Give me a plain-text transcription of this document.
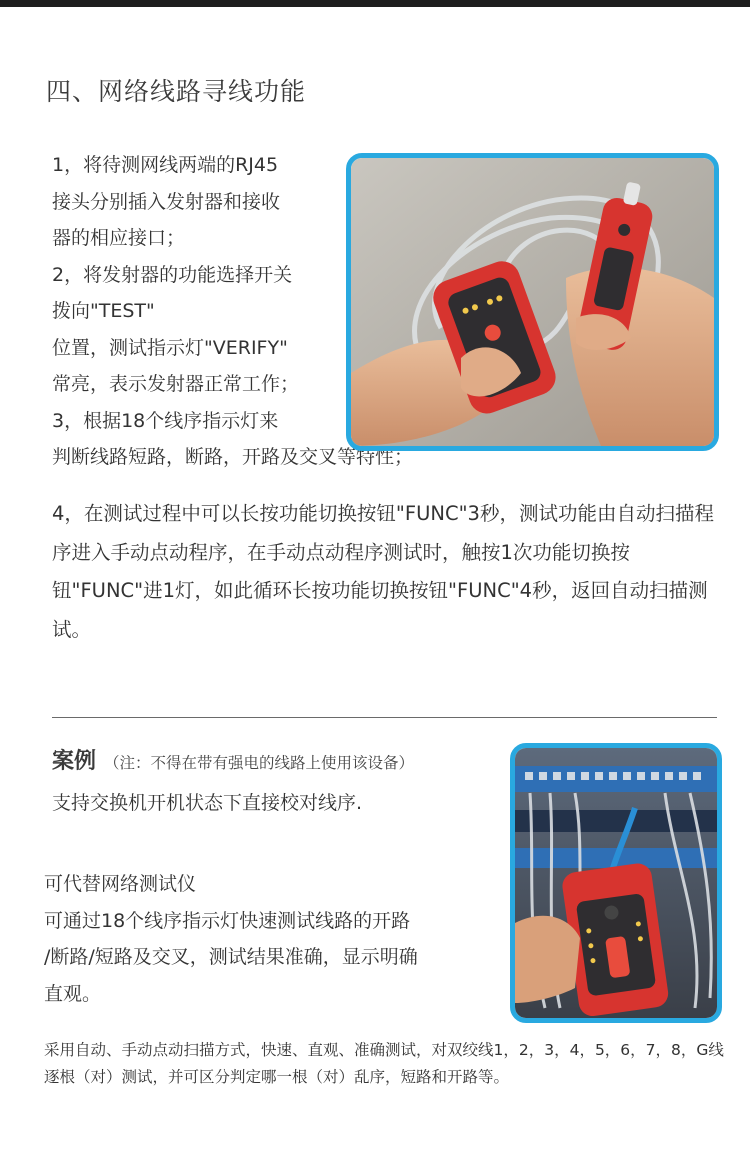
四、网络线路寻线功能
1，将待测网线两端的RJ45
接头分别插入发射器和接收
器的相应接口；
2，将发射器的功能选择开关
拨向"TEST"
位置，测试指示灯"VERIFY"
常亮，表示发射器正常工作；
3，根据18个线序指示灯来
判断线路短路，断路，开路及交叉等特性；
4，在测试过程中可以长按功能切换按钮"FUNC"3秒，测试功能由自动扫描程序进入手动点动程序，在手动点动程序测试时，触按1次功能切换按钮"FUNC"进1灯，如此循环长按功能切换按钮"FUNC"4秒，返回自动扫描测试。
案例 （注：不得在带有强电的线路上使用该设备）
支持交换机开机状态下直接校对线序.
可代替网络测试仪
可通过18个线序指示灯快速测试线路的开路
/断路/短路及交叉，测试结果准确，显示明确
直观。
采用自动、手动点动扫描方式，快速、直观、准确测试，对双绞线1，2，3，4，5，6，7，8，G线逐根（对）测试，并可区分判定哪一根（对）乱序，短路和开路等。
